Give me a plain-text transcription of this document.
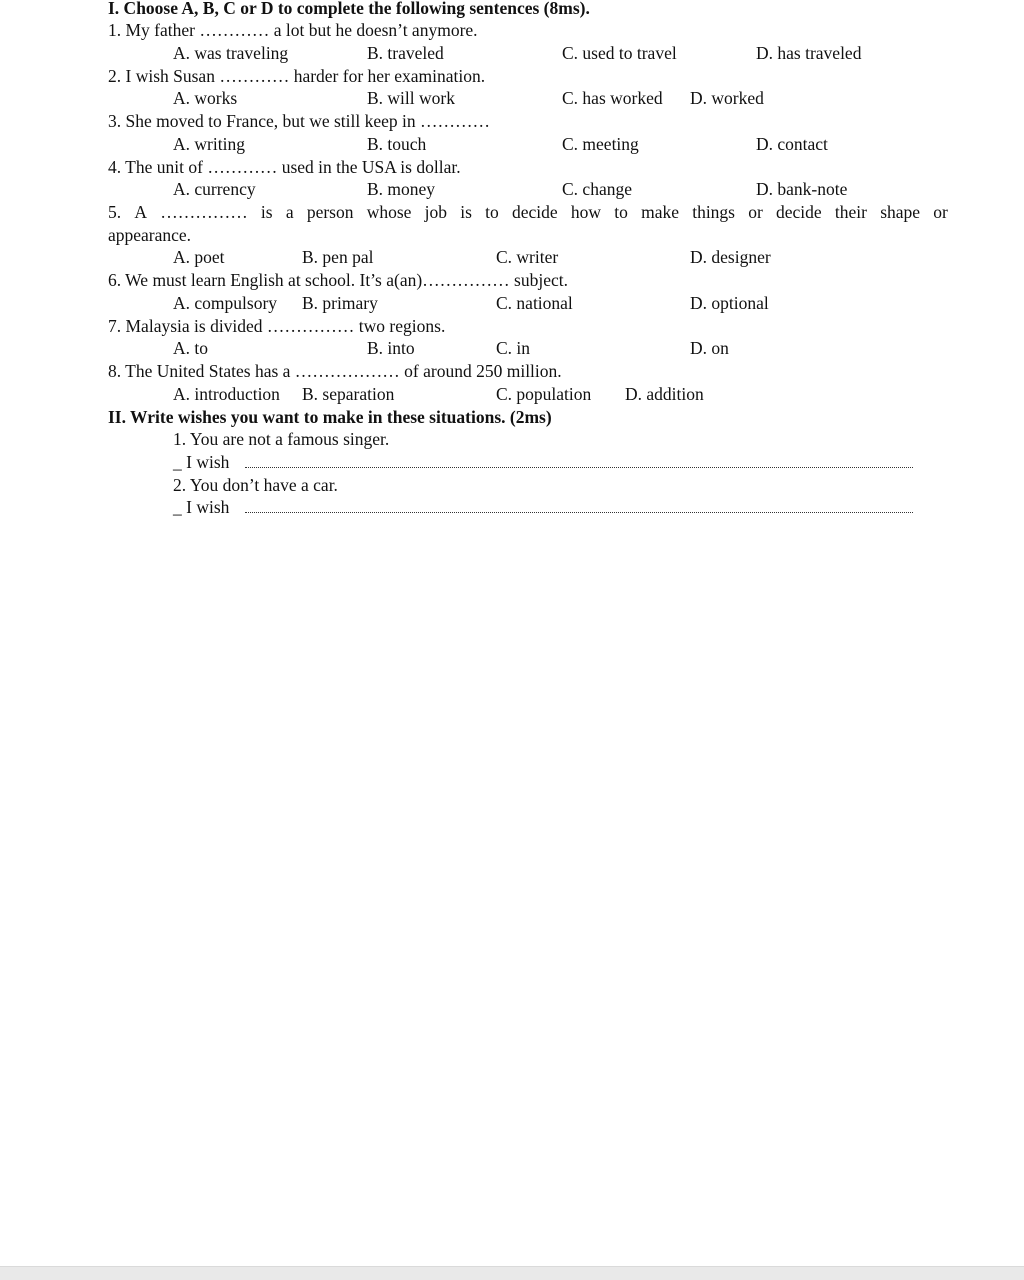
I. Choose A, B, C or D to complete the following sentences (8ms).
1. My father ………… a lot but he doesn’t anymore.
A. was traveling	B. traveled	C. used to travel	D. has traveled
2. I wish Susan ………… harder for her examination.
A. works	B. will work	C. has worked D. worked
3. She moved to France, but we still keep in …………
A. writing	B. touch	C. meeting	D. contact
4. The unit of ………… used in the USA is dollar.
A. currency	B. money	C. change	D. bank-note
5. A …………… is a person whose job is to decide how to make things or decide their shape or
appearance.
A. poet	B. pen pal	C. writer	D. designer
6. We must learn English at school. It’s a(an)…………… subject.
A. compulsory B. primary	C. national	D. optional
7. Malaysia is divided …………… two regions.
A. to	B. into	C. in	D. on
8. The United States has a ……………… of around 250 million.
A. introduction B. separation	C. population D. addition
II. Write wishes you want to make in these situations. (2ms)
1. You are not a famous singer.
_ I wish
2. You don’t have a car.
_ I wish
